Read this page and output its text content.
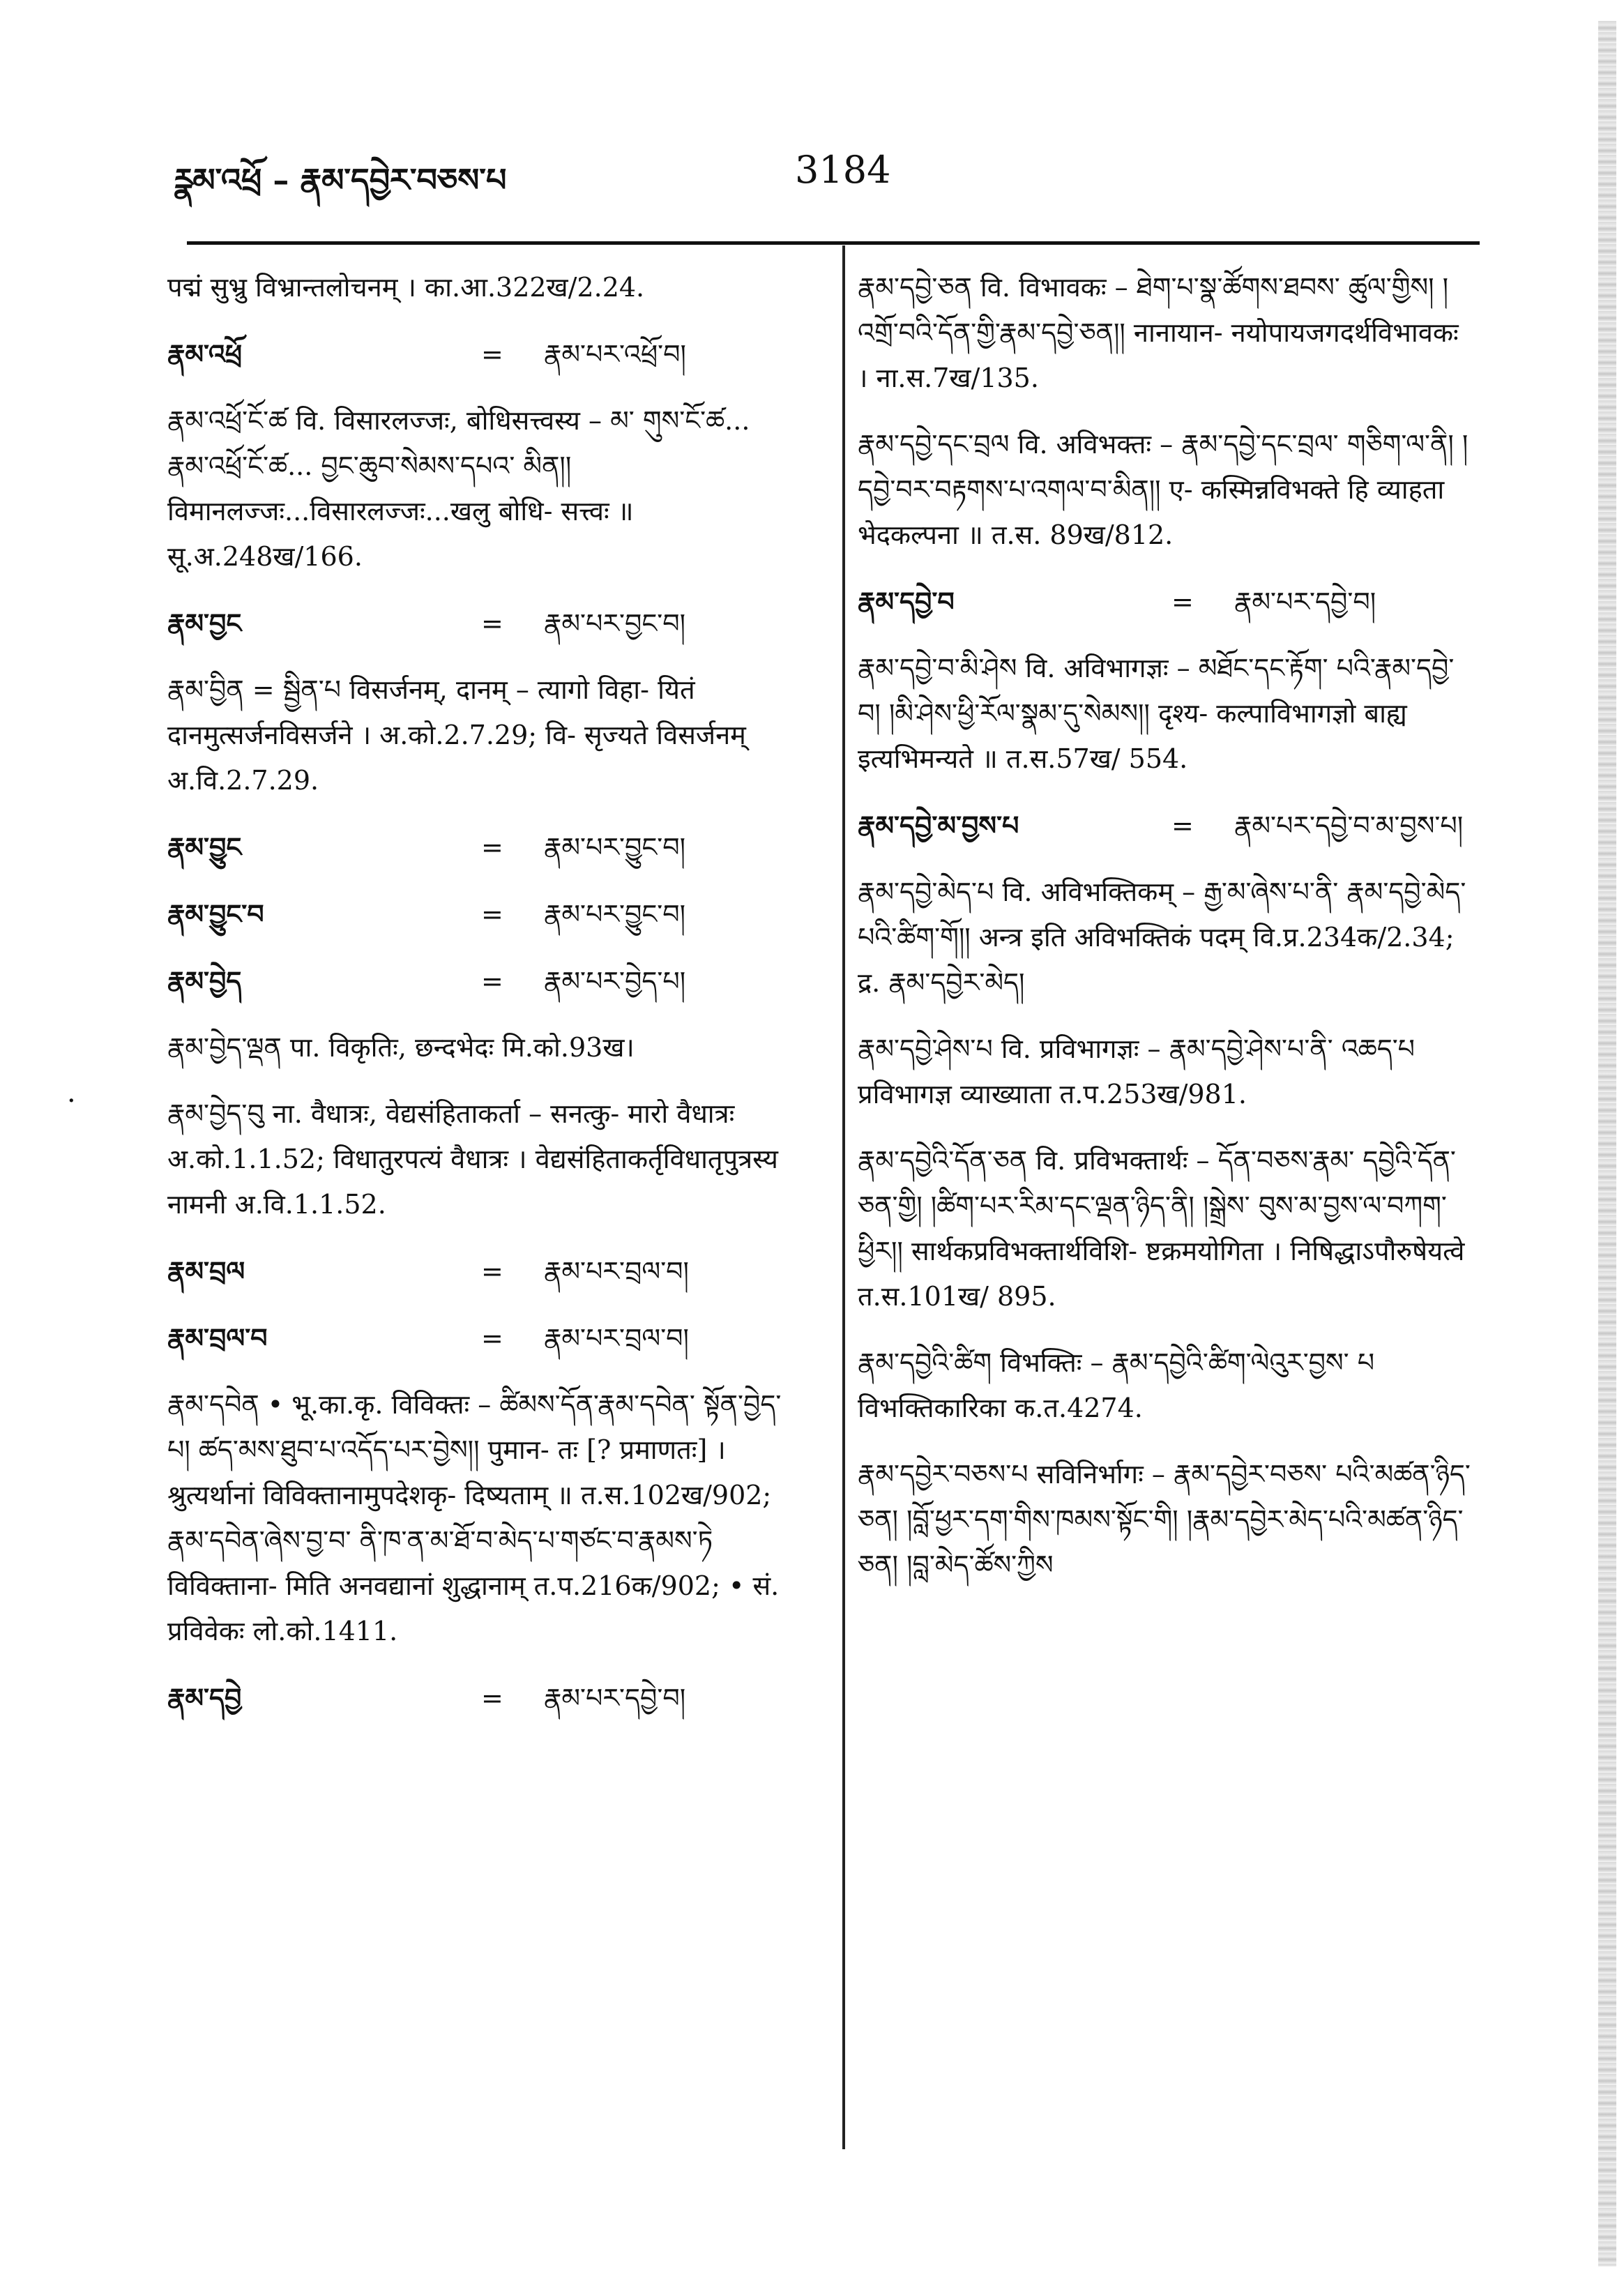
ཪྣམ་འཕྲོ – རྣམ་དབྱེར་བཅས་པ	3184
·
पद्मं सुभ्रु विभ्रान्तलोचनम् । का.आ.322ख/2.24.
རྣམ་འཕྲོ	=	རྣམ་པར་འཕྲོ་བ།
རྣམ་འཕྲོ་ངོ་ཚ वि. विसारलज्जः, बोधिसत्त्वस्य – མ་ གུས་ངོ་ཚ... རྣམ་འཕྲོ་ངོ་ཚ... བྱང་ཆུབ་སེམས་དཔའ་ མིན།། विमानलज्जः...विसारलज्जः...खलु बोधि- सत्त्वः ॥ सू.अ.248ख/166.
རྣམ་བྱང	=	རྣམ་པར་བྱང་བ།
རྣམ་བྱིན = སྦྱིན་པ विसर्जनम्, दानम् – त्यागो विहा- यितं दानमुत्सर्जनविसर्जने । अ.को.2.7.29; वि- सृज्यते विसर्जनम् अ.वि.2.7.29.
རྣམ་བྱུང	=	རྣམ་པར་བྱུང་བ།
རྣམ་བྱུང་བ	=	རྣམ་པར་བྱུང་བ།
རྣམ་བྱེད	=	རྣམ་པར་བྱེད་པ།
རྣམ་བྱེད་ལྡན पा. विकृतिः, छन्दभेदः मि.को.93ख।
རྣམ་བྱེད་བུ ना. वैधात्रः, वेद्यसंहिताकर्ता – सनत्कु- मारो वैधात्रः अ.को.1.1.52; विधातुरपत्यं वैधात्रः । वेद्यसंहिताकर्तृविधातृपुत्रस्य नामनी अ.वि.1.1.52.
རྣམ་བྲལ	=	རྣམ་པར་བྲལ་བ།
རྣམ་བྲལ་བ	=	རྣམ་པར་བྲལ་བ།
རྣམ་དབེན • भू.का.कृ. विविक्तः – ཚིམས་དོན་རྣམ་དབེན་ སྟོན་བྱེད་པ། ཚད་མས་ཐུབ་པ་འདོད་པར་བྱེས།། पुमान- तः [? प्रमाणतः] । श्रुत्यर्थानां विविक्तानामुपदेशकृ- दिष्यताम् ॥ त.स.102ख/902; རྣམ་དབེན་ཞེས་བྱ་བ་ ནི་ཁ་ན་མ་ཐོ་བ་མེད་པ་གཙང་བ་རྣམས་ཏེ विविक्ताना- मिति अनवद्यानां शुद्धानाम् त.प.216क/902; • सं. प्रविवेकः लो.को.1411.
རྣམ་དབྱེ	=	རྣམ་པར་དབྱེ་བ།
རྣམ་དབྱེ་ཅན वि. विभावकः – ཐེག་པ་སྣ་ཚོགས་ཐབས་ ཚུལ་གྱིས། །འགྲོ་བའི་དོན་གྱི་རྣམ་དབྱེ་ཅན།། नानायान- नयोपायजगदर्थविभावकः । ना.स.7ख/135.
རྣམ་དབྱེ་དང་བྲལ वि. अविभक्तः – རྣམ་དབྱེ་དང་བྲལ་ གཅིག་ལ་ནི། །དབྱེ་བར་བརྟགས་པ་འགལ་བ་མིན།། ए- कस्मिन्नविभक्ते हि व्याहता भेदकल्पना ॥ त.स. 89ख/812.
རྣམ་དབྱེ་བ	=	རྣམ་པར་དབྱེ་བ།
རྣམ་དབྱེ་བ་མི་ཤེས वि. अविभागज्ञः – མཐོང་དང་རྟོག་ པའི་རྣམ་དབྱེ་བ། །མི་ཤེས་ཕྱི་རོལ་སྣམ་དུ་སེམས།། दृश्य- कल्पाविभागज्ञो बाह्य इत्यभिमन्यते ॥ त.स.57ख/ 554.
རྣམ་དབྱེ་མ་བྱས་པ	=	རྣམ་པར་དབྱེ་བ་མ་བྱས་པ།
རྣམ་དབྱེ་མེད་པ वि. अविभक्तिकम् – རྒྱ་མ་ཞེས་པ་ནི་ རྣམ་དབྱེ་མེད་པའི་ཚིག་གོ།། अन्त्र इति अविभक्तिकं पदम् वि.प्र.234क/2.34; द्र. རྣམ་དབྱེར་མེད།
རྣམ་དབྱེ་ཤེས་པ वि. प्रविभागज्ञः – རྣམ་དབྱེ་ཤེས་པ་ནི་ འཆད་པ प्रविभागज्ञ व्याख्याता त.प.253ख/981.
རྣམ་དབྱེའི་དོན་ཅན वि. प्रविभक्तार्थः – དོན་བཅས་རྣམ་ དབྱེའི་དོན་ཅན་གྱི། །ཚིག་པར་རིམ་དང་ལྡན་ཉིད་ནི། །སྒྲེས་ བུས་མ་བྱས་ལ་བཀག་ཕྱིར།། सार्थकप्रविभक्तार्थविशि- ष्टक्रमयोगिता । निषिद्धाऽपौरुषेयत्वे त.स.101ख/ 895.
རྣམ་དབྱེའི་ཚིག विभक्तिः – རྣམ་དབྱེའི་ཚིག་ལེའུར་བྱས་ པ विभक्तिकारिका क.त.4274.
རྣམ་དབྱེར་བཅས་པ सविनिर्भागः – རྣམ་དབྱེར་བཅས་ པའི་མཚན་ཉིད་ཅན། །བློ་ཕྱར་དག་གིས་ཁམས་སྟོང་གི། །རྣམ་དབྱེར་མེད་པའི་མཚན་ཉིད་ཅན། །བླ་མེད་ཚོས་ཀྱིས
